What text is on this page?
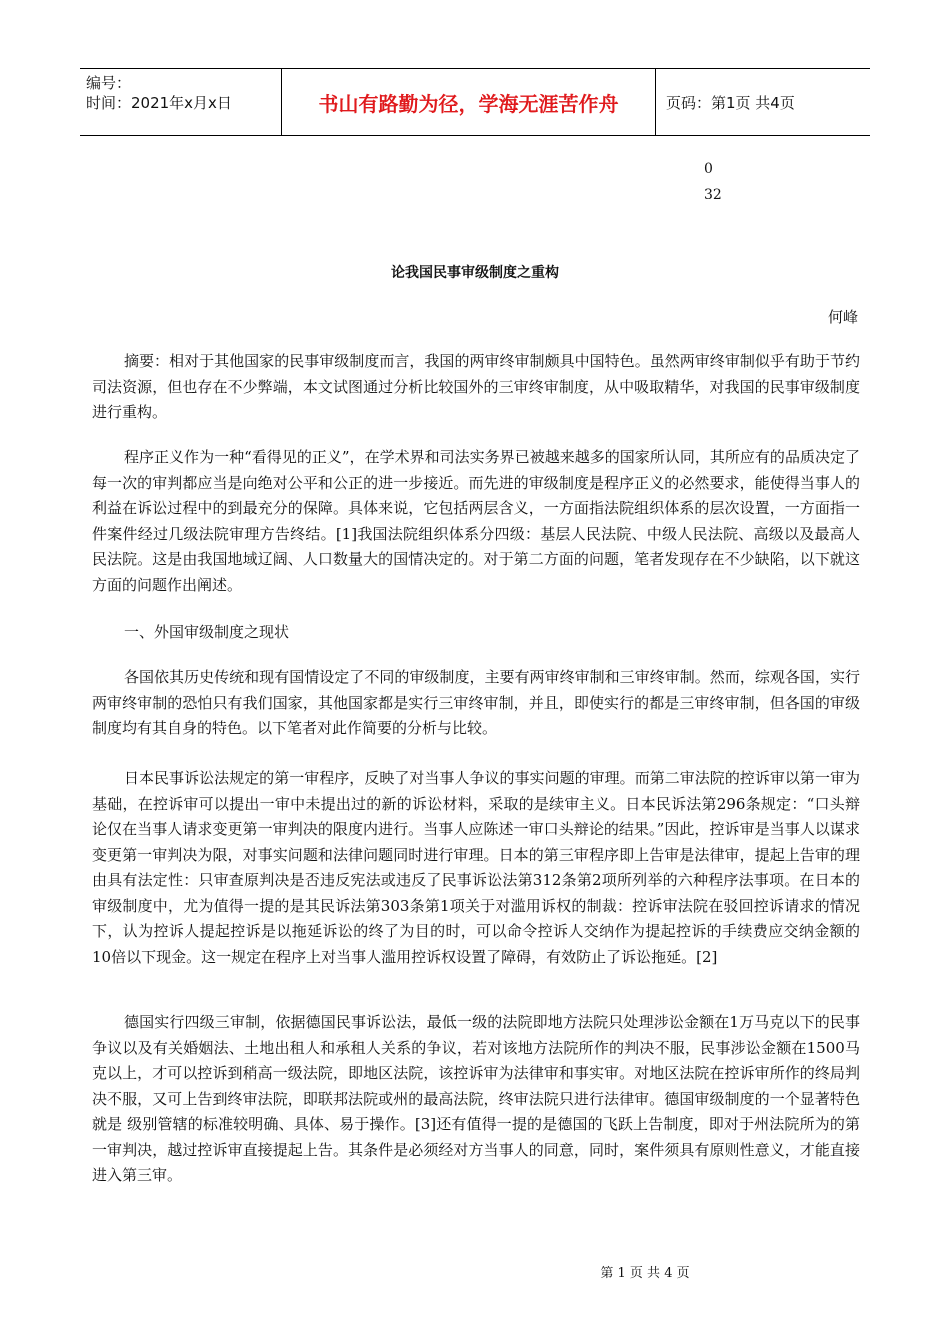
编号：
时间：2021年x月x日	书山有路勤为径，学海无涯苦作舟	页码：第1页 共4页
0
32
论我国民事审级制度之重构
何峰

摘要：相对于其他国家的民事审级制度而言，我国的两审终审制颇具中国特色。虽然两审终审制似乎有助于节约司法资源，但也存在不少弊端，本文试图通过分析比较国外的三审终审制度，从中吸取精华，对我国的民事审级制度进行重构。

程序正义作为一种“看得见的正义”，在学术界和司法实务界已被越来越多的国家所认同，其所应有的品质决定了每一次的审判都应当是向绝对公平和公正的进一步接近。而先进的审级制度是程序正义的必然要求，能使得当事人的利益在诉讼过程中的到最充分的保障。具体来说，它包括两层含义，一方面指法院组织体系的层次设置，一方面指一件案件经过几级法院审理方告终结。[1]我国法院组织体系分四级：基层人民法院、中级人民法院、高级以及最高人民法院。这是由我国地域辽阔、人口数量大的国情决定的。对于第二方面的问题，笔者发现存在不少缺陷，以下就这方面的问题作出阐述。

一、外国审级制度之现状

各国依其历史传统和现有国情设定了不同的审级制度，主要有两审终审制和三审终审制。然而，综观各国，实行两审终审制的恐怕只有我们国家，其他国家都是实行三审终审制，并且，即使实行的都是三审终审制，但各国的审级制度均有其自身的特色。以下笔者对此作简要的分析与比较。

日本民事诉讼法规定的第一审程序，反映了对当事人争议的事实问题的审理。而第二审法院的控诉审以第一审为基础，在控诉审可以提出一审中未提出过的新的诉讼材料，采取的是续审主义。日本民诉法第296条规定：“口头辩论仅在当事人请求变更第一审判决的限度内进行。当事人应陈述一审口头辩论的结果。”因此，控诉审是当事人以谋求变更第一审判决为限，对事实问题和法律问题同时进行审理。日本的第三审程序即上告审是法律审，提起上告审的理由具有法定性：只审查原判决是否违反宪法或违反了民事诉讼法第312条第2项所列举的六种程序法事项。在日本的审级制度中，尤为值得一提的是其民诉法第303条第1项关于对滥用诉权的制裁：控诉审法院在驳回控诉请求的情况下，认为控诉人提起控诉是以拖延诉讼的终了为目的时，可以命令控诉人交纳作为提起控诉的手续费应交纳金额的10倍以下现金。这一规定在程序上对当事人滥用控诉权设置了障碍，有效防止了诉讼拖延。[2]

德国实行四级三审制，依据德国民事诉讼法，最低一级的法院即地方法院只处理涉讼金额在1万马克以下的民事争议以及有关婚姻法、土地出租人和承租人关系的争议，若对该地方法院所作的判决不服，民事涉讼金额在1500马克以上，才可以控诉到稍高一级法院，即地区法院，该控诉审为法律审和事实审。对地区法院在控诉审所作的终局判决不服，又可上告到终审法院，即联邦法院或州的最高法院，终审法院只进行法律审。德国审级制度的一个显著特色就是 级别管辖的标准较明确、具体、易于操作。[3]还有值得一提的是德国的飞跃上告制度，即对于州法院所为的第一审判决，越过控诉审直接提起上告。其条件是必须经对方当事人的同意，同时，案件须具有原则性意义，才能直接进入第三审。

第 1 页 共 4 页
